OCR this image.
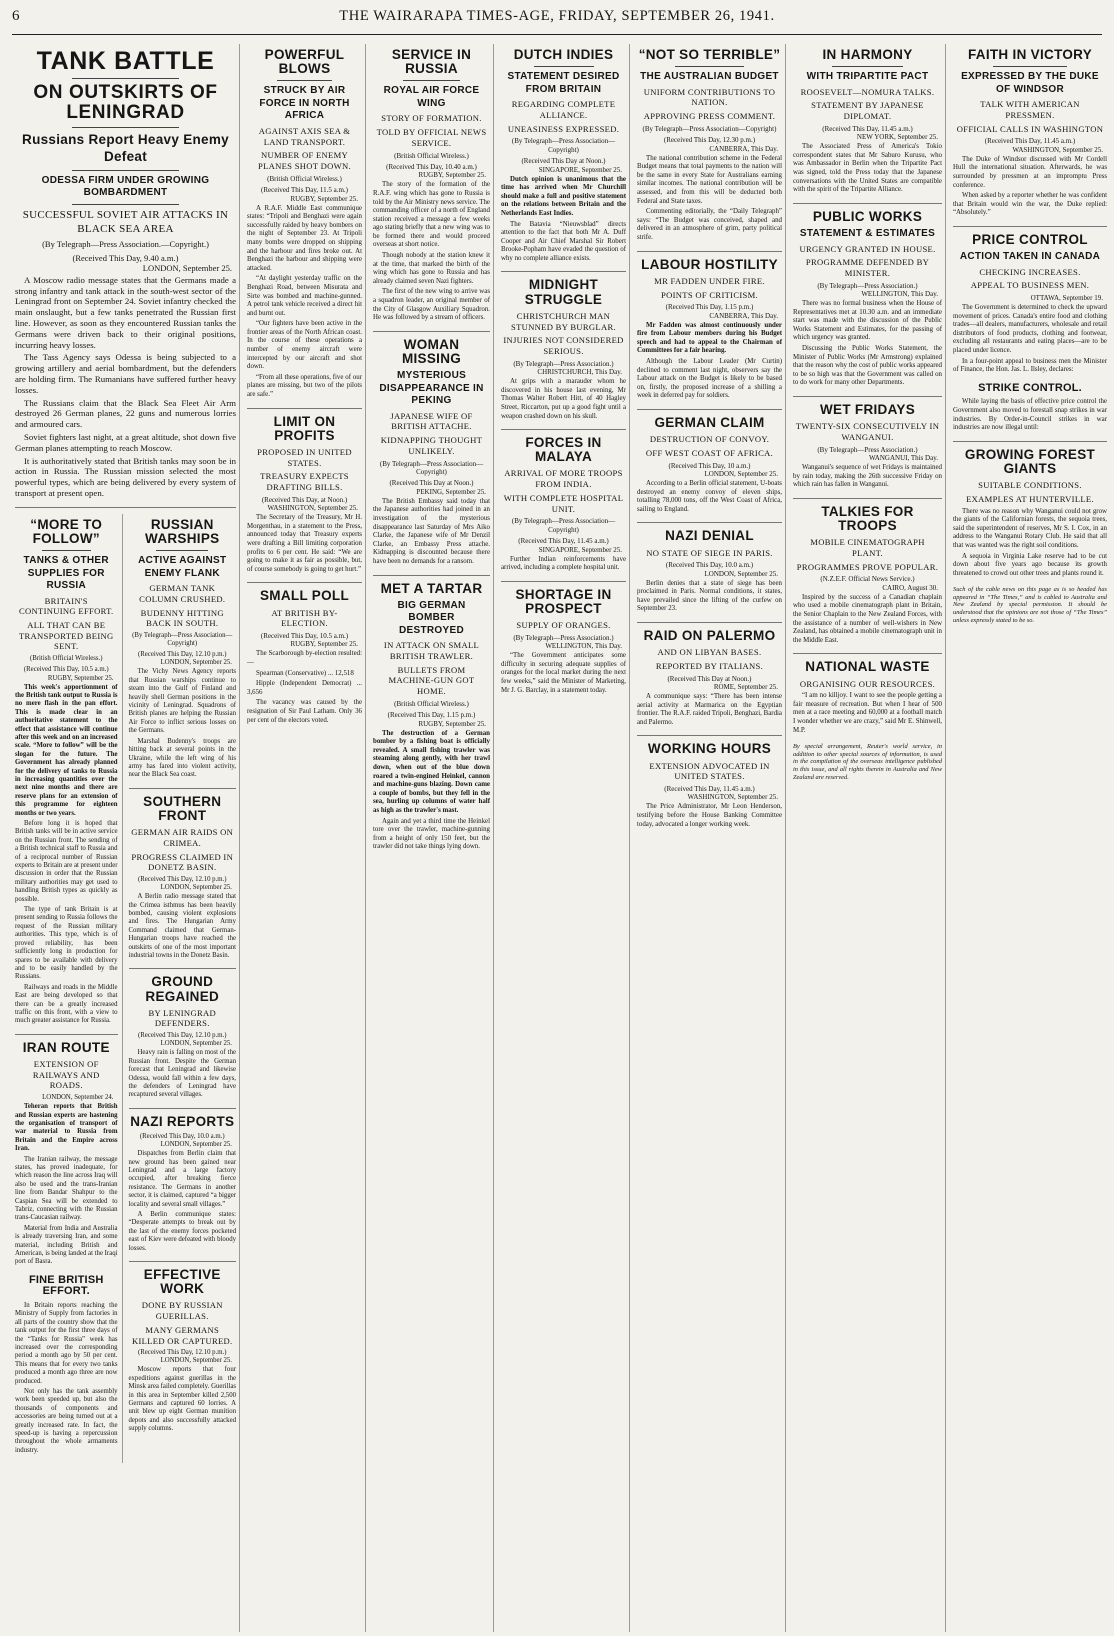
6	THE WAIRARAPA TIMES-AGE, FRIDAY, SEPTEMBER 26, 1941.
TANK BATTLE
ON OUTSKIRTS OF LENINGRAD
Russians Report Heavy Enemy Defeat
ODESSA FIRM UNDER GROWING BOMBARDMENT
SUCCESSFUL SOVIET AIR ATTACKS IN BLACK SEA AREA
(By Telegraph—Press Association.—Copyright.)
(Received This Day, 9.40 a.m.)
LONDON, September 25.

A Moscow radio message states that the Germans made a strong infantry and tank attack in the south-west sector of the Leningrad front on September 24. Soviet infantry checked the main onslaught, but a few tanks penetrated the Russian first line. However, as soon as they encountered Russian tanks the Germans were driven back to their original positions, incurring heavy losses.

The Tass Agency says Odessa is being subjected to a growing artillery and aerial bombardment, but the defenders are holding firm. The Rumanians have suffered further heavy losses.

The Russians claim that the Black Sea Fleet Air Arm destroyed 26 German planes, 22 guns and numerous lorries and armoured cars.

Soviet fighters last night, at a great altitude, shot down five German planes attempting to reach Moscow.

It is authoritatively stated that British tanks may soon be in action in Russia. The Russian mission selected the most powerful types, which are being delivered by every system of transport at present open.

“MORE TO FOLLOW”
TANKS & OTHER SUPPLIES FOR RUSSIA
BRITAIN'S CONTINUING EFFORT.
ALL THAT CAN BE TRANSPORTED BEING SENT.
(British Official Wireless.)
(Received This Day, 10.5 a.m.)
RUGBY, September 25.

This week's apportionment of the British tank output to Russia is no mere flash in the pan effort. This is made clear in an authoritative statement to the effect that assistance will continue after this week and on an increased scale. “More to follow” will be the slogan for the future. The Government has already planned for the delivery of tanks to Russia in increasing quantities over the next nine months and there are reserve plans for an extension of this programme for eighteen months or two years.

Before long it is hoped that British tanks will be in active service on the Russian front. The sending of a British technical staff to Russia and of a reciprocal number of Russian experts to Britain are at present under discussion in order that the Russian military authorities may get used to handling British types as quickly as possible.

The type of tank Britain is at present sending to Russia follows the request of the Russian military authorities. This type, which is of proved reliability, has been sufficiently long in production for spares to be available with delivery and to be easily handled by the Russians.

Railways and roads in the Middle East are being developed so that there can be a greatly increased traffic on this front, with a view to much greater assistance for Russia.

IRAN ROUTE
EXTENSION OF RAILWAYS AND ROADS.
LONDON, September 24.

Teheran reports that British and Russian experts are hastening the organisation of transport of war material to Russia from Britain and the Empire across Iran.

The Iranian railway, the message states, has proved inadequate, for which reason the line across Iraq will also be used and the trans-Iranian line from Bandar Shahpur to the Caspian Sea will be extended to Tabriz, connecting with the Russian trans-Caucasian railway.

Material from India and Australia is already traversing Iran, and some material, including British and American, is being landed at the Iraqi port of Basra.

FINE BRITISH EFFORT.

In Britain reports reaching the Ministry of Supply from factories in all parts of the country show that the tank output for the first three days of the “Tanks for Russia” week has increased over the corresponding period a month ago by 50 per cent. This means that for every two tanks produced a month ago three are now produced.

Not only has the tank assembly work been speeded up, but also the thousands of components and accessories are being turned out at a greatly increased rate. In fact, the speed-up is having a repercussion throughout the whole armaments industry.

RUSSIAN WARSHIPS
ACTIVE AGAINST ENEMY FLANK
GERMAN TANK COLUMN CRUSHED.
BUDENNY HITTING BACK IN SOUTH.
(By Telegraph—Press Association—Copyright)
(Received This Day, 12.10 p.m.)
LONDON, September 25.

The Vichy News Agency reports that Russian warships continue to steam into the Gulf of Finland and heavily shell German positions in the vicinity of Leningrad. Squadrons of British planes are helping the Russian Air Force to inflict serious losses on the Germans.

Marshal Budenny's troops are hitting back at several points in the Ukraine, while the left wing of his army has fared into violent activity, near the Black Sea coast.

SOUTHERN FRONT
GERMAN AIR RAIDS ON CRIMEA.
PROGRESS CLAIMED IN DONETZ BASIN.
(Received This Day, 12.10 p.m.)
LONDON, September 25.

A Berlin radio message stated that the Crimea isthmus has been heavily bombed, causing violent explosions and fires. The Hungarian Army Command claimed that German-Hungarian troops have reached the outskirts of one of the most important industrial towns in the Donetz Basin.

GROUND REGAINED
BY LENINGRAD DEFENDERS.
(Received This Day, 12.10 p.m.)
LONDON, September 25.

Heavy rain is falling on most of the Russian front. Despite the German forecast that Leningrad and likewise Odessa, would fall within a few days, the defenders of Leningrad have recaptured several villages.

NAZI REPORTS
(Received This Day, 10.0 a.m.)
LONDON, September 25.

Dispatches from Berlin claim that new ground has been gained near Leningrad and a large factory occupied, after breaking fierce resistance. The Germans in another sector, it is claimed, captured “a bigger locality and several small villages.”

A Berlin communique states: “Desperate attempts to break out by the last of the enemy forces pocketed east of Kiev were defeated with bloody losses.

EFFECTIVE WORK
DONE BY RUSSIAN GUERILLAS.
MANY GERMANS KILLED OR CAPTURED.
(Received This Day, 12.10 p.m.)
LONDON, September 25.

Moscow reports that four expeditions against guerillas in the Minsk area failed completely. Guerillas in this area in September killed 2,500 Germans and captured 60 lorries. A unit blew up eight German munition depots and also successfully attacked supply columns.

POWERFUL BLOWS
STRUCK BY AIR FORCE IN NORTH AFRICA
AGAINST AXIS SEA & LAND TRANSPORT.
NUMBER OF ENEMY PLANES SHOT DOWN.
(British Official Wireless.)
(Received This Day, 11.5 a.m.)
RUGBY, September 25.

A R.A.F. Middle East communique states: “Tripoli and Benghazi were again successfully raided by heavy bombers on the night of September 23. At Tripoli many bombs were dropped on shipping and the harbour and fires broke out. At Benghazi the harbour and shipping were attacked.

“At daylight yesterday traffic on the Benghazi Road, between Misurata and Sirte was bombed and machine-gunned. A petrol tank vehicle received a direct hit and burnt out.

“Our fighters have been active in the frontier areas of the North African coast. In the course of these operations a number of enemy aircraft were intercepted by our aircraft and shot down.

“From all these operations, five of our planes are missing, but two of the pilots are safe.”

LIMIT ON PROFITS
PROPOSED IN UNITED STATES.
TREASURY EXPECTS DRAFTING BILLS.
(Received This Day, at Noon.)
WASHINGTON, September 25.

The Secretary of the Treasury, Mr H. Morgenthau, in a statement to the Press, announced today that Treasury experts were drafting a Bill limiting corporation profits to 6 per cent. He said: “We are going to make it as fair as possible, but, of course somebody is going to get hurt.”

SMALL POLL
AT BRITISH BY-ELECTION.
(Received This Day, 10.5 a.m.)
RUGBY, September 25.

The Scarborough by-election resulted:—

Spearman (Conservative) ... 12,518

Hipple (Independent Democrat) ... 3,656

The vacancy was caused by the resignation of Sir Paul Latham. Only 36 per cent of the electors voted.

SERVICE IN RUSSIA
ROYAL AIR FORCE WING
STORY OF FORMATION.
TOLD BY OFFICIAL NEWS SERVICE.
(British Official Wireless.)
(Received This Day, 10.40 a.m.)
RUGBY, September 25.

The story of the formation of the R.A.F. wing which has gone to Russia is told by the Air Ministry news service. The commanding officer of a north of England station received a message a few weeks ago stating briefly that a new wing was to be formed there and would proceed overseas at short notice.

Though nobody at the station knew it at the time, that marked the birth of the wing which has gone to Russia and has already claimed seven Nazi fighters.

The first of the new wing to arrive was a squadron leader, an original member of the City of Glasgow Auxiliary Squadron. He was followed by a stream of officers.

WOMAN MISSING
MYSTERIOUS DISAPPEARANCE IN PEKING
JAPANESE WIFE OF BRITISH ATTACHE.
KIDNAPPING THOUGHT UNLIKELY.
(By Telegraph—Press Association—Copyright)
(Received This Day at Noon.)
PEKING, September 25.

The British Embassy said today that the Japanese authorities had joined in an investigation of the mysterious disappearance last Saturday of Mrs Aiko Clarke, the Japanese wife of Mr Denzil Clarke, an Embassy Press attache. Kidnapping is discounted because there have been no demands for a ransom.

MET A TARTAR
BIG GERMAN BOMBER DESTROYED
IN ATTACK ON SMALL BRITISH TRAWLER.
BULLETS FROM MACHINE-GUN GOT HOME.
(British Official Wireless.)
(Received This Day, 1.15 p.m.)
RUGBY, September 25.

The destruction of a German bomber by a fishing boat is officially revealed. A small fishing trawler was steaming along gently, with her trawl down, when out of the blue down roared a twin-engined Heinkel, cannon and machine-guns blazing. Down came a couple of bombs, but they fell in the sea, hurling up columns of water half as high as the trawler's mast.

Again and yet a third time the Heinkel tore over the trawler, machine-gunning from a height of only 150 feet, but the trawler did not take things lying down.

DUTCH INDIES
STATEMENT DESIRED FROM BRITAIN
REGARDING COMPLETE ALLIANCE.
UNEASINESS EXPRESSED.
(By Telegraph—Press Association—Copyright)
(Received This Day at Noon.)
SINGAPORE, September 25.

Dutch opinion is unanimous that the time has arrived when Mr Churchill should make a full and positive statement on the relations between Britain and the Netherlands East Indies.

The Batavia “Nieuwsblad” directs attention to the fact that both Mr A. Duff Cooper and Air Chief Marshal Sir Robert Brooke-Popham have evaded the question of why no complete alliance exists.

MIDNIGHT STRUGGLE
CHRISTCHURCH MAN STUNNED BY BURGLAR.
INJURIES NOT CONSIDERED SERIOUS.
(By Telegraph—Press Association.)
CHRISTCHURCH, This Day.

At grips with a marauder whom he discovered in his house last evening, Mr Thomas Walter Robert Hitt, of 40 Hagley Street, Riccarton, put up a good fight until a weapon crashed down on his skull.

FORCES IN MALAYA
ARRIVAL OF MORE TROOPS FROM INDIA.
WITH COMPLETE HOSPITAL UNIT.
(By Telegraph—Press Association—Copyright)
(Received This Day, 11.45 a.m.)
SINGAPORE, September 25.

Further Indian reinforcements have arrived, including a complete hospital unit.

SHORTAGE IN PROSPECT
SUPPLY OF ORANGES.
(By Telegraph—Press Association.)
WELLINGTON, This Day.

“The Government anticipates some difficulty in securing adequate supplies of oranges for the local market during the next few weeks,” said the Minister of Marketing, Mr J. G. Barclay, in a statement today.

“NOT SO TERRIBLE”
THE AUSTRALIAN BUDGET
UNIFORM CONTRIBUTIONS TO NATION.
APPROVING PRESS COMMENT.
(By Telegraph—Press Association—Copyright)
(Received This Day, 12.30 p.m.)
CANBERRA, This Day.

The national contribution scheme in the Federal Budget means that total payments to the nation will be the same in every State for Australians earning similar incomes. The national contribution will be assessed, and from this will be deducted both Federal and State taxes.

Commenting editorially, the “Daily Telegraph” says: “The Budget was conceived, shaped and delivered in an atmosphere of grim, party political strife.

LABOUR HOSTILITY
MR FADDEN UNDER FIRE.
POINTS OF CRITICISM.
(Received This Day, 1.15 p.m.)
CANBERRA, This Day.

Mr Fadden was almost continuously under fire from Labour members during his Budget speech and had to appeal to the Chairman of Committees for a fair hearing.

Although the Labour Leader (Mr Curtin) declined to comment last night, observers say the Labour attack on the Budget is likely to be based on, firstly, the proposed increase of a shilling a week in deferred pay for soldiers.

GERMAN CLAIM
DESTRUCTION OF CONVOY.
OFF WEST COAST OF AFRICA.
(Received This Day, 10 a.m.)
LONDON, September 25.

According to a Berlin official statement, U-boats destroyed an enemy convoy of eleven ships, totalling 78,000 tons, off the West Coast of Africa, sailing to England.

NAZI DENIAL
NO STATE OF SIEGE IN PARIS.
(Received This Day, 10.0 a.m.)
LONDON, September 25.

Berlin denies that a state of siege has been proclaimed in Paris. Normal conditions, it states, have prevailed since the lifting of the curfew on September 23.

RAID ON PALERMO
AND ON LIBYAN BASES.
REPORTED BY ITALIANS.
(Received This Day at Noon.)
ROME, September 25.

A communique says: “There has been intense aerial activity at Marmarica on the Egyptian frontier. The R.A.F. raided Tripoli, Benghazi, Bardia and Palermo.

WORKING HOURS
EXTENSION ADVOCATED IN UNITED STATES.
(Received This Day, 11.45 a.m.)
WASHINGTON, September 25.

The Price Administrator, Mr Leon Henderson, testifying before the House Banking Committee today, advocated a longer working week.

IN HARMONY
WITH TRIPARTITE PACT
ROOSEVELT—NOMURA TALKS.
STATEMENT BY JAPANESE DIPLOMAT.
(Received This Day, 11.45 a.m.)
NEW YORK, September 25.

The Associated Press of America's Tokio correspondent states that Mr Saburo Kurusu, who was Ambassador in Berlin when the Tripartite Pact was signed, told the Press today that the Japanese conversations with the United States are compatible with the spirit of the Tripartite Alliance.

PUBLIC WORKS
STATEMENT & ESTIMATES
URGENCY GRANTED IN HOUSE.
PROGRAMME DEFENDED BY MINISTER.
(By Telegraph—Press Association.)
WELLINGTON, This Day.

There was no formal business when the House of Representatives met at 10.30 a.m. and an immediate start was made with the discussion of the Public Works Statement and Estimates, for the passing of which urgency was granted.

Discussing the Public Works Statement, the Minister of Public Works (Mr Armstrong) explained that the reason why the cost of public works appeared to be so high was that the Government was called on to do work for many other Departments.

WET FRIDAYS
TWENTY-SIX CONSECUTIVELY IN WANGANUI.
(By Telegraph—Press Association.)
WANGANUI, This Day.

Wanganui's sequence of wet Fridays is maintained by rain today, making the 26th successive Friday on which rain has fallen in Wanganui.

TALKIES FOR TROOPS
MOBILE CINEMATOGRAPH PLANT.
PROGRAMMES PROVE POPULAR.
(N.Z.E.F. Official News Service.)
CAIRO, August 30.

Inspired by the success of a Canadian chaplain who used a mobile cinematograph plant in Britain, the Senior Chaplain to the New Zealand Forces, with the assistance of a number of well-wishers in New Zealand, has obtained a mobile cinematograph unit in the Middle East.

NATIONAL WASTE
ORGANISING OUR RESOURCES.

“I am no killjoy. I want to see the people getting a fair measure of recreation. But when I hear of 500 men at a race meeting and 60,000 at a football match I wonder whether we are crazy,” said Mr E. Shinwell, M.P.

By special arrangement, Reuter's world service, in addition to other special sources of information, is used in the compilation of the overseas intelligence published in this issue, and all rights therein in Australia and New Zealand are reserved.
FAITH IN VICTORY
EXPRESSED BY THE DUKE OF WINDSOR
TALK WITH AMERICAN PRESSMEN.
OFFICIAL CALLS IN WASHINGTON
(Received This Day, 11.45 a.m.)
WASHINGTON, September 25.

The Duke of Windsor discussed with Mr Cordell Hull the international situation. Afterwards, he was surrounded by pressmen at an impromptu Press conference.

When asked by a reporter whether he was confident that Britain would win the war, the Duke replied: “Absolutely.”

PRICE CONTROL
ACTION TAKEN IN CANADA
CHECKING INCREASES.
APPEAL TO BUSINESS MEN.
OTTAWA, September 19.

The Government is determined to check the upward movement of prices. Canada's entire food and clothing trades—all dealers, manufacturers, wholesale and retail distributors of food products, clothing and footwear, excluding all restaurants and eating places—are to be placed under licence.

In a four-point appeal to business men the Minister of Finance, the Hon. Jas. L. Ilsley, declares:

STRIKE CONTROL.

While laying the basis of effective price control the Government also moved to forestall snap strikes in war industries. By Order-in-Council strikes in war industries are now illegal until:

GROWING FOREST GIANTS
SUITABLE CONDITIONS.
EXAMPLES AT HUNTERVILLE.

There was no reason why Wanganui could not grow the giants of the Californian forests, the sequoia trees, said the superintendent of reserves, Mr S. I. Cox, in an address to the Wanganui Rotary Club. He said that all that was wanted was the right soil conditions.

A sequoia in Virginia Lake reserve had to be cut down about five years ago because its growth threatened to crowd out other trees and plants round it.

Such of the cable news on this page as is so headed has appeared in “The Times,” and is cabled to Australia and New Zealand by special permission. It should be understood that the opinions are not those of “The Times” unless expressly stated to be so.
